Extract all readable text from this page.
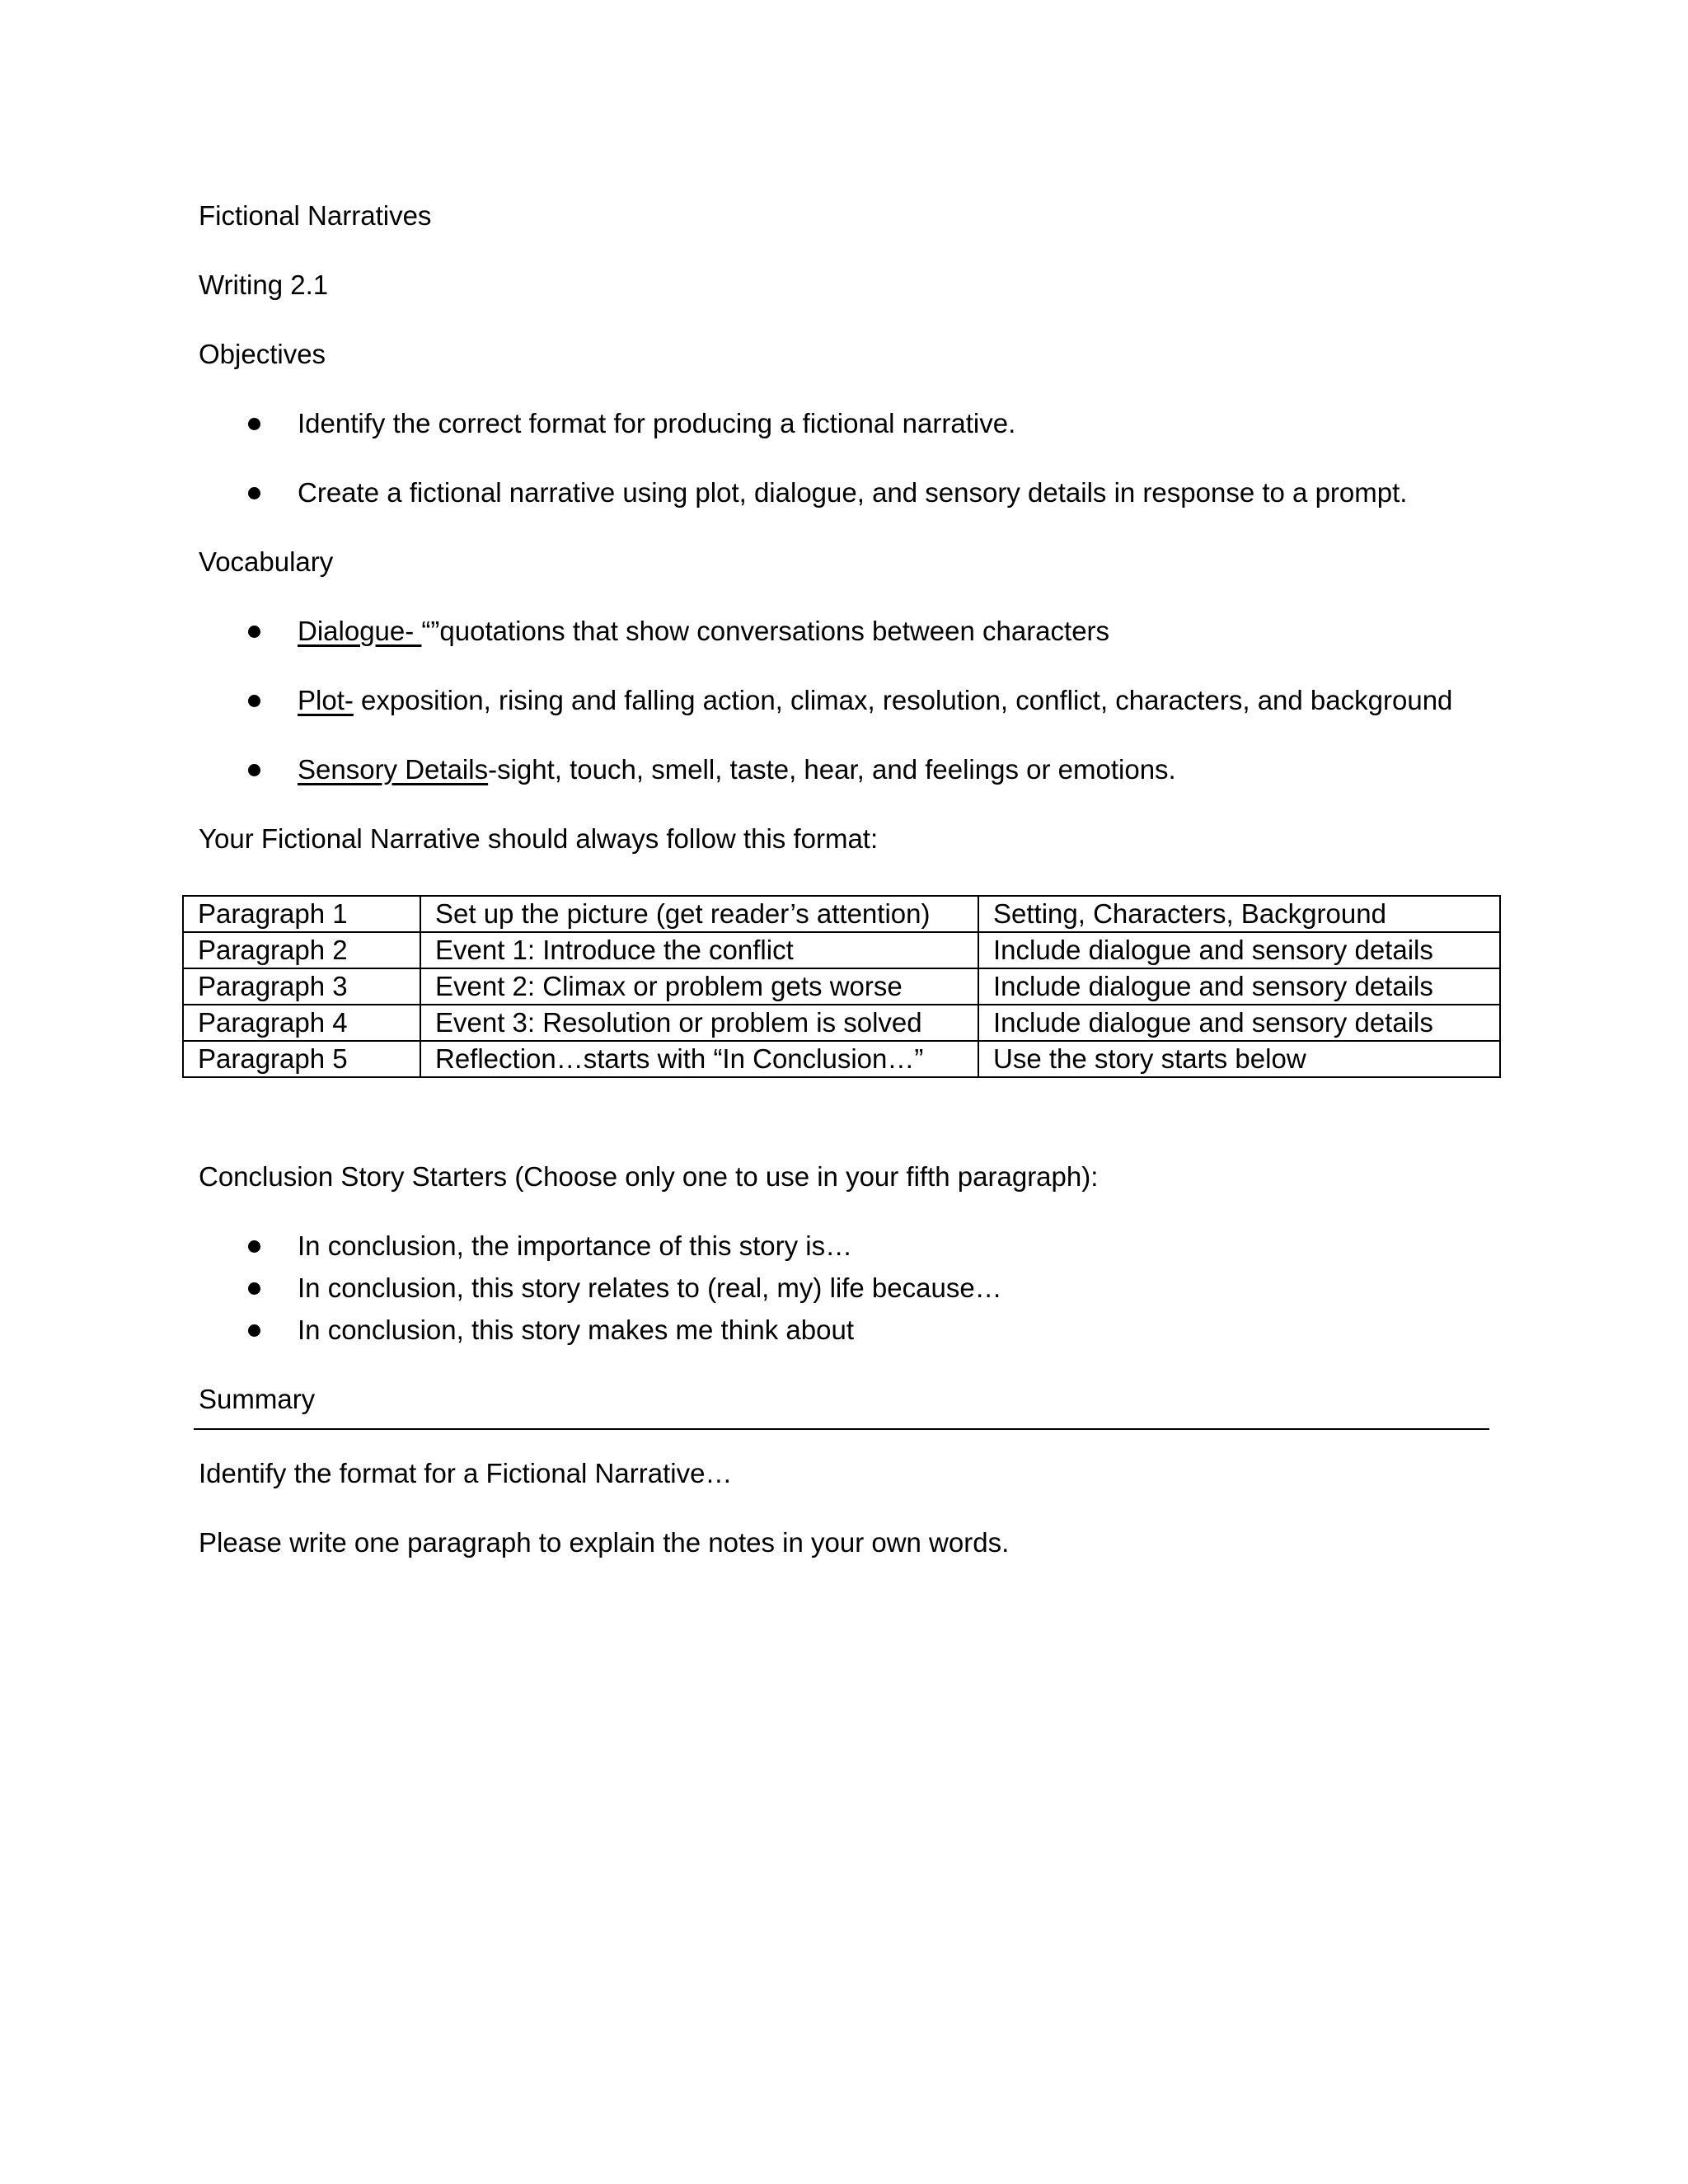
Fictional Narratives
Writing 2.1
Objectives
Identify the correct format for producing a fictional narrative.
Create a fictional narrative using plot, dialogue, and sensory details in response to a prompt.
Vocabulary
Dialogue- “”quotations that show conversations between characters
Plot- exposition, rising and falling action, climax, resolution, conflict, characters, and background
Sensory Details-sight, touch, smell, taste, hear, and feelings or emotions.
Your Fictional Narrative should always follow this format:
Paragraph 1	Set up the picture (get reader’s attention)	Setting, Characters, Background
Paragraph 2	Event 1: Introduce the conflict	Include dialogue and sensory details
Paragraph 3	Event 2: Climax or problem gets worse	Include dialogue and sensory details
Paragraph 4	Event 3: Resolution or problem is solved	Include dialogue and sensory details
Paragraph 5	Reflection…starts with “In Conclusion…”	Use the story starts below
Conclusion Story Starters (Choose only one to use in your fifth paragraph):
In conclusion, the importance of this story is…
In conclusion, this story relates to (real, my) life because…
In conclusion, this story makes me think about
Summary
Identify the format for a Fictional Narrative…
Please write one paragraph to explain the notes in your own words.
